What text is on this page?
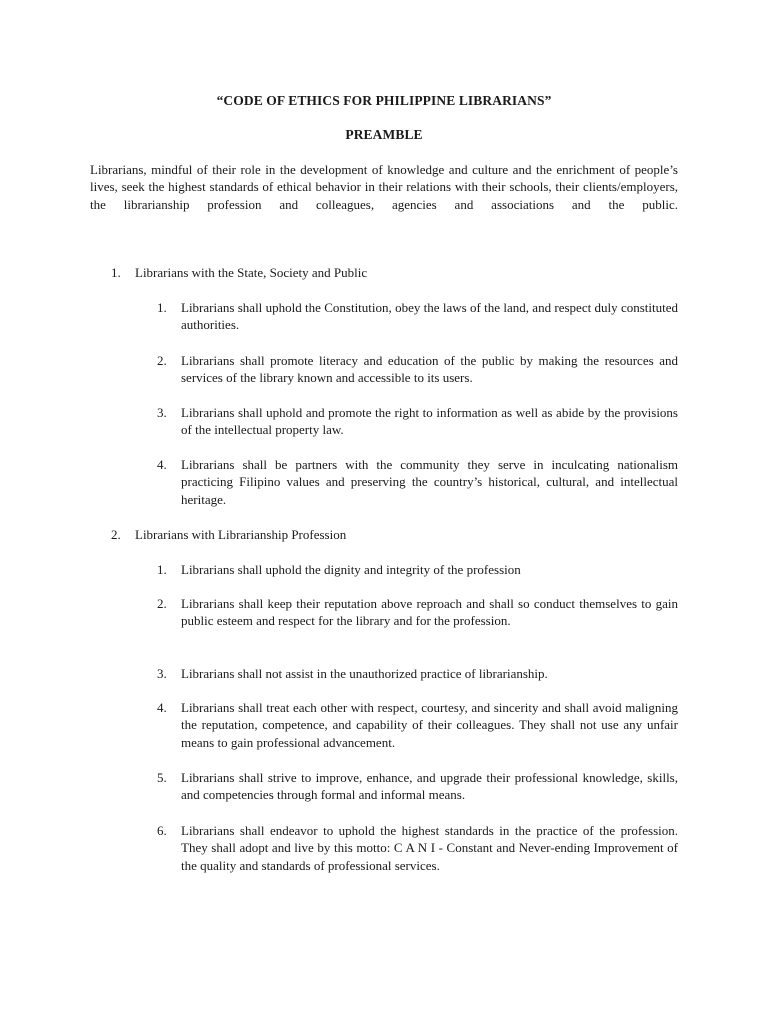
“CODE OF ETHICS FOR PHILIPPINE LIBRARIANS”
PREAMBLE
Librarians, mindful of their role in the development of knowledge and culture and the enrichment of people’s lives, seek the highest standards of ethical behavior in their relations with their schools, their clients/employers, the librarianship profession and colleagues, agencies and associations and the public.
1. Librarians with the State, Society and Public
1. Librarians shall uphold the Constitution, obey the laws of the land, and respect duly constituted authorities.
2. Librarians shall promote literacy and education of the public by making the resources and services of the library known and accessible to its users.
3. Librarians shall uphold and promote the right to information as well as abide by the provisions of the intellectual property law.
4. Librarians shall be partners with the community they serve in inculcating nationalism practicing Filipino values and preserving the country’s historical, cultural, and intellectual heritage.
2. Librarians with Librarianship Profession
1. Librarians shall uphold the dignity and integrity of the profession
2. Librarians shall keep their reputation above reproach and shall so conduct themselves to gain public esteem and respect for the library and for the profession.
3. Librarians shall not assist in the unauthorized practice of librarianship.
4. Librarians shall treat each other with respect, courtesy, and sincerity and shall avoid maligning the reputation, competence, and capability of their colleagues. They shall not use any unfair means to gain professional advancement.
5. Librarians shall strive to improve, enhance, and upgrade their professional knowledge, skills, and competencies through formal and informal means.
6. Librarians shall endeavor to uphold the highest standards in the practice of the profession. They shall adopt and live by this motto: C A N I - Constant and Never-ending Improvement of the quality and standards of professional services.
